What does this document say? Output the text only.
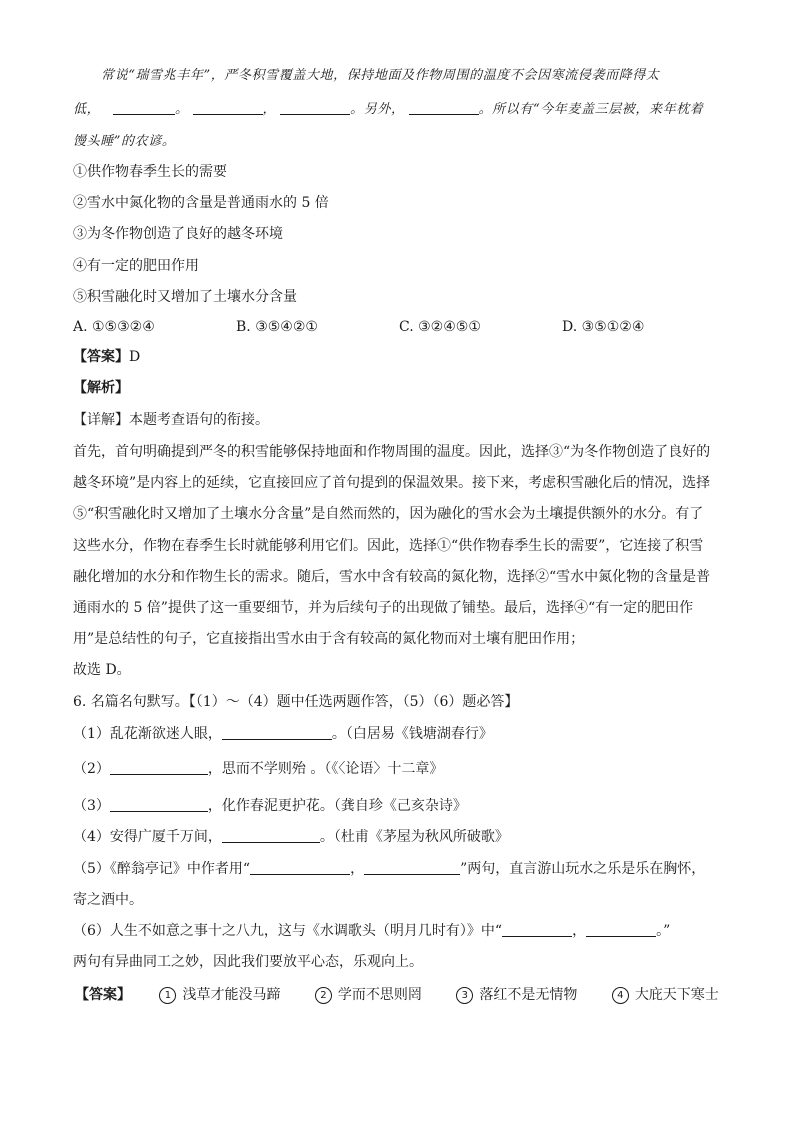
常说“瑞雪兆丰年”，严冬积雪覆盖大地，保持地面及作物周围的温度不会因寒流侵袭而降得太
低，	。	，	。另外，	。所以有“今年麦盖三层被，来年枕着
馒头睡”的农谚。
①供作物春季生长的需要
②雪水中氮化物的含量是普通雨水的 5 倍
③为冬作物创造了良好的越冬环境
④有一定的肥田作用
⑤积雪融化时又增加了土壤水分含量
A. ①⑤③②④	B. ③⑤④②①	C. ③②④⑤①	D. ③⑤①②④
【答案】D
【解析】
【详解】本题考查语句的衔接。
首先，首句明确提到严冬的积雪能够保持地面和作物周围的温度。因此，选择③“为冬作物创造了良好的
越冬环境”是内容上的延续，它直接回应了首句提到的保温效果。接下来，考虑积雪融化后的情况，选择
⑤“积雪融化时又增加了土壤水分含量”是自然而然的，因为融化的雪水会为土壤提供额外的水分。有了
这些水分，作物在春季生长时就能够利用它们。因此，选择①“供作物春季生长的需要”，它连接了积雪
融化增加的水分和作物生长的需求。随后，雪水中含有较高的氮化物，选择②“雪水中氮化物的含量是普
通雨水的 5 倍”提供了这一重要细节，并为后续句子的出现做了铺垫。最后，选择④“有一定的肥田作
用”是总结性的句子，它直接指出雪水由于含有较高的氮化物而对土壤有肥田作用；
故选 D。
6. 名篇名句默写。【（1）～（4）题中任选两题作答，（5）（6）题必答】
（1）乱花渐欲迷人眼，	。（白居易《钱塘湖春行》
（2）	，思而不学则殆 。（《〈论语〉十二章》
（3）	，化作春泥更护花。（龚自珍《己亥杂诗》
（4）安得广厦千万间，	。（杜甫《茅屋为秋风所破歌》
（5）《醉翁亭记》中作者用“	，	”两句，直言游山玩水之乐是乐在胸怀，
寄之酒中。
（6）人生不如意之事十之八九，这与《水调歌头（明月几时有）》中“	，	。”
两句有异曲同工之妙，因此我们要放平心态，乐观向上。
【答案】	1 浅草才能没马蹄	2 学而不思则罔	3 落红不是无情物	4 大庇天下寒士
